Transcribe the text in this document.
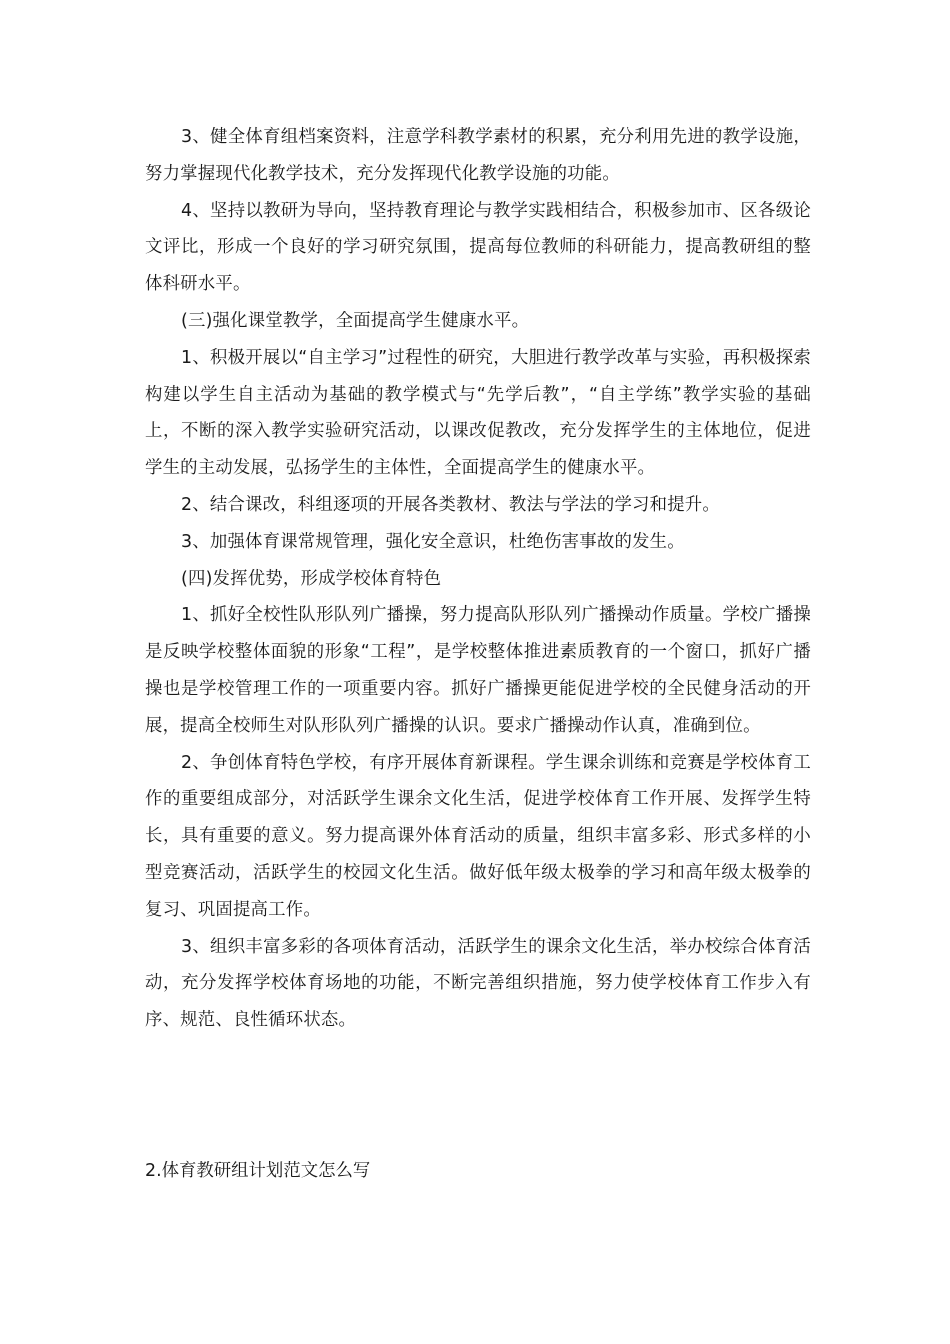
3、健全体育组档案资料，注意学科教学素材的积累，充分利用先进的教学设施，努力掌握现代化教学技术，充分发挥现代化教学设施的功能。

4、坚持以教研为导向，坚持教育理论与教学实践相结合，积极参加市、区各级论文评比，形成一个良好的学习研究氛围，提高每位教师的科研能力，提高教研组的整体科研水平。

(三)强化课堂教学，全面提高学生健康水平。

1、积极开展以“自主学习”过程性的研究，大胆进行教学改革与实验，再积极探索构建以学生自主活动为基础的教学模式与“先学后教”，“自主学练”教学实验的基础上，不断的深入教学实验研究活动，以课改促教改，充分发挥学生的主体地位，促进学生的主动发展，弘扬学生的主体性，全面提高学生的健康水平。

2、结合课改，科组逐项的开展各类教材、教法与学法的学习和提升。

3、加强体育课常规管理，强化安全意识，杜绝伤害事故的发生。

(四)发挥优势，形成学校体育特色

1、抓好全校性队形队列广播操，努力提高队形队列广播操动作质量。学校广播操是反映学校整体面貌的形象“工程”，是学校整体推进素质教育的一个窗口，抓好广播操也是学校管理工作的一项重要内容。抓好广播操更能促进学校的全民健身活动的开展，提高全校师生对队形队列广播操的认识。要求广播操动作认真，准确到位。

2、争创体育特色学校，有序开展体育新课程。学生课余训练和竞赛是学校体育工作的重要组成部分，对活跃学生课余文化生活，促进学校体育工作开展、发挥学生特长，具有重要的意义。努力提高课外体育活动的质量，组织丰富多彩、形式多样的小型竞赛活动，活跃学生的校园文化生活。做好低年级太极拳的学习和高年级太极拳的复习、巩固提高工作。

3、组织丰富多彩的各项体育活动，活跃学生的课余文化生活，举办校综合体育活动，充分发挥学校体育场地的功能，不断完善组织措施，努力使学校体育工作步入有序、规范、良性循环状态。

2.体育教研组计划范文怎么写
